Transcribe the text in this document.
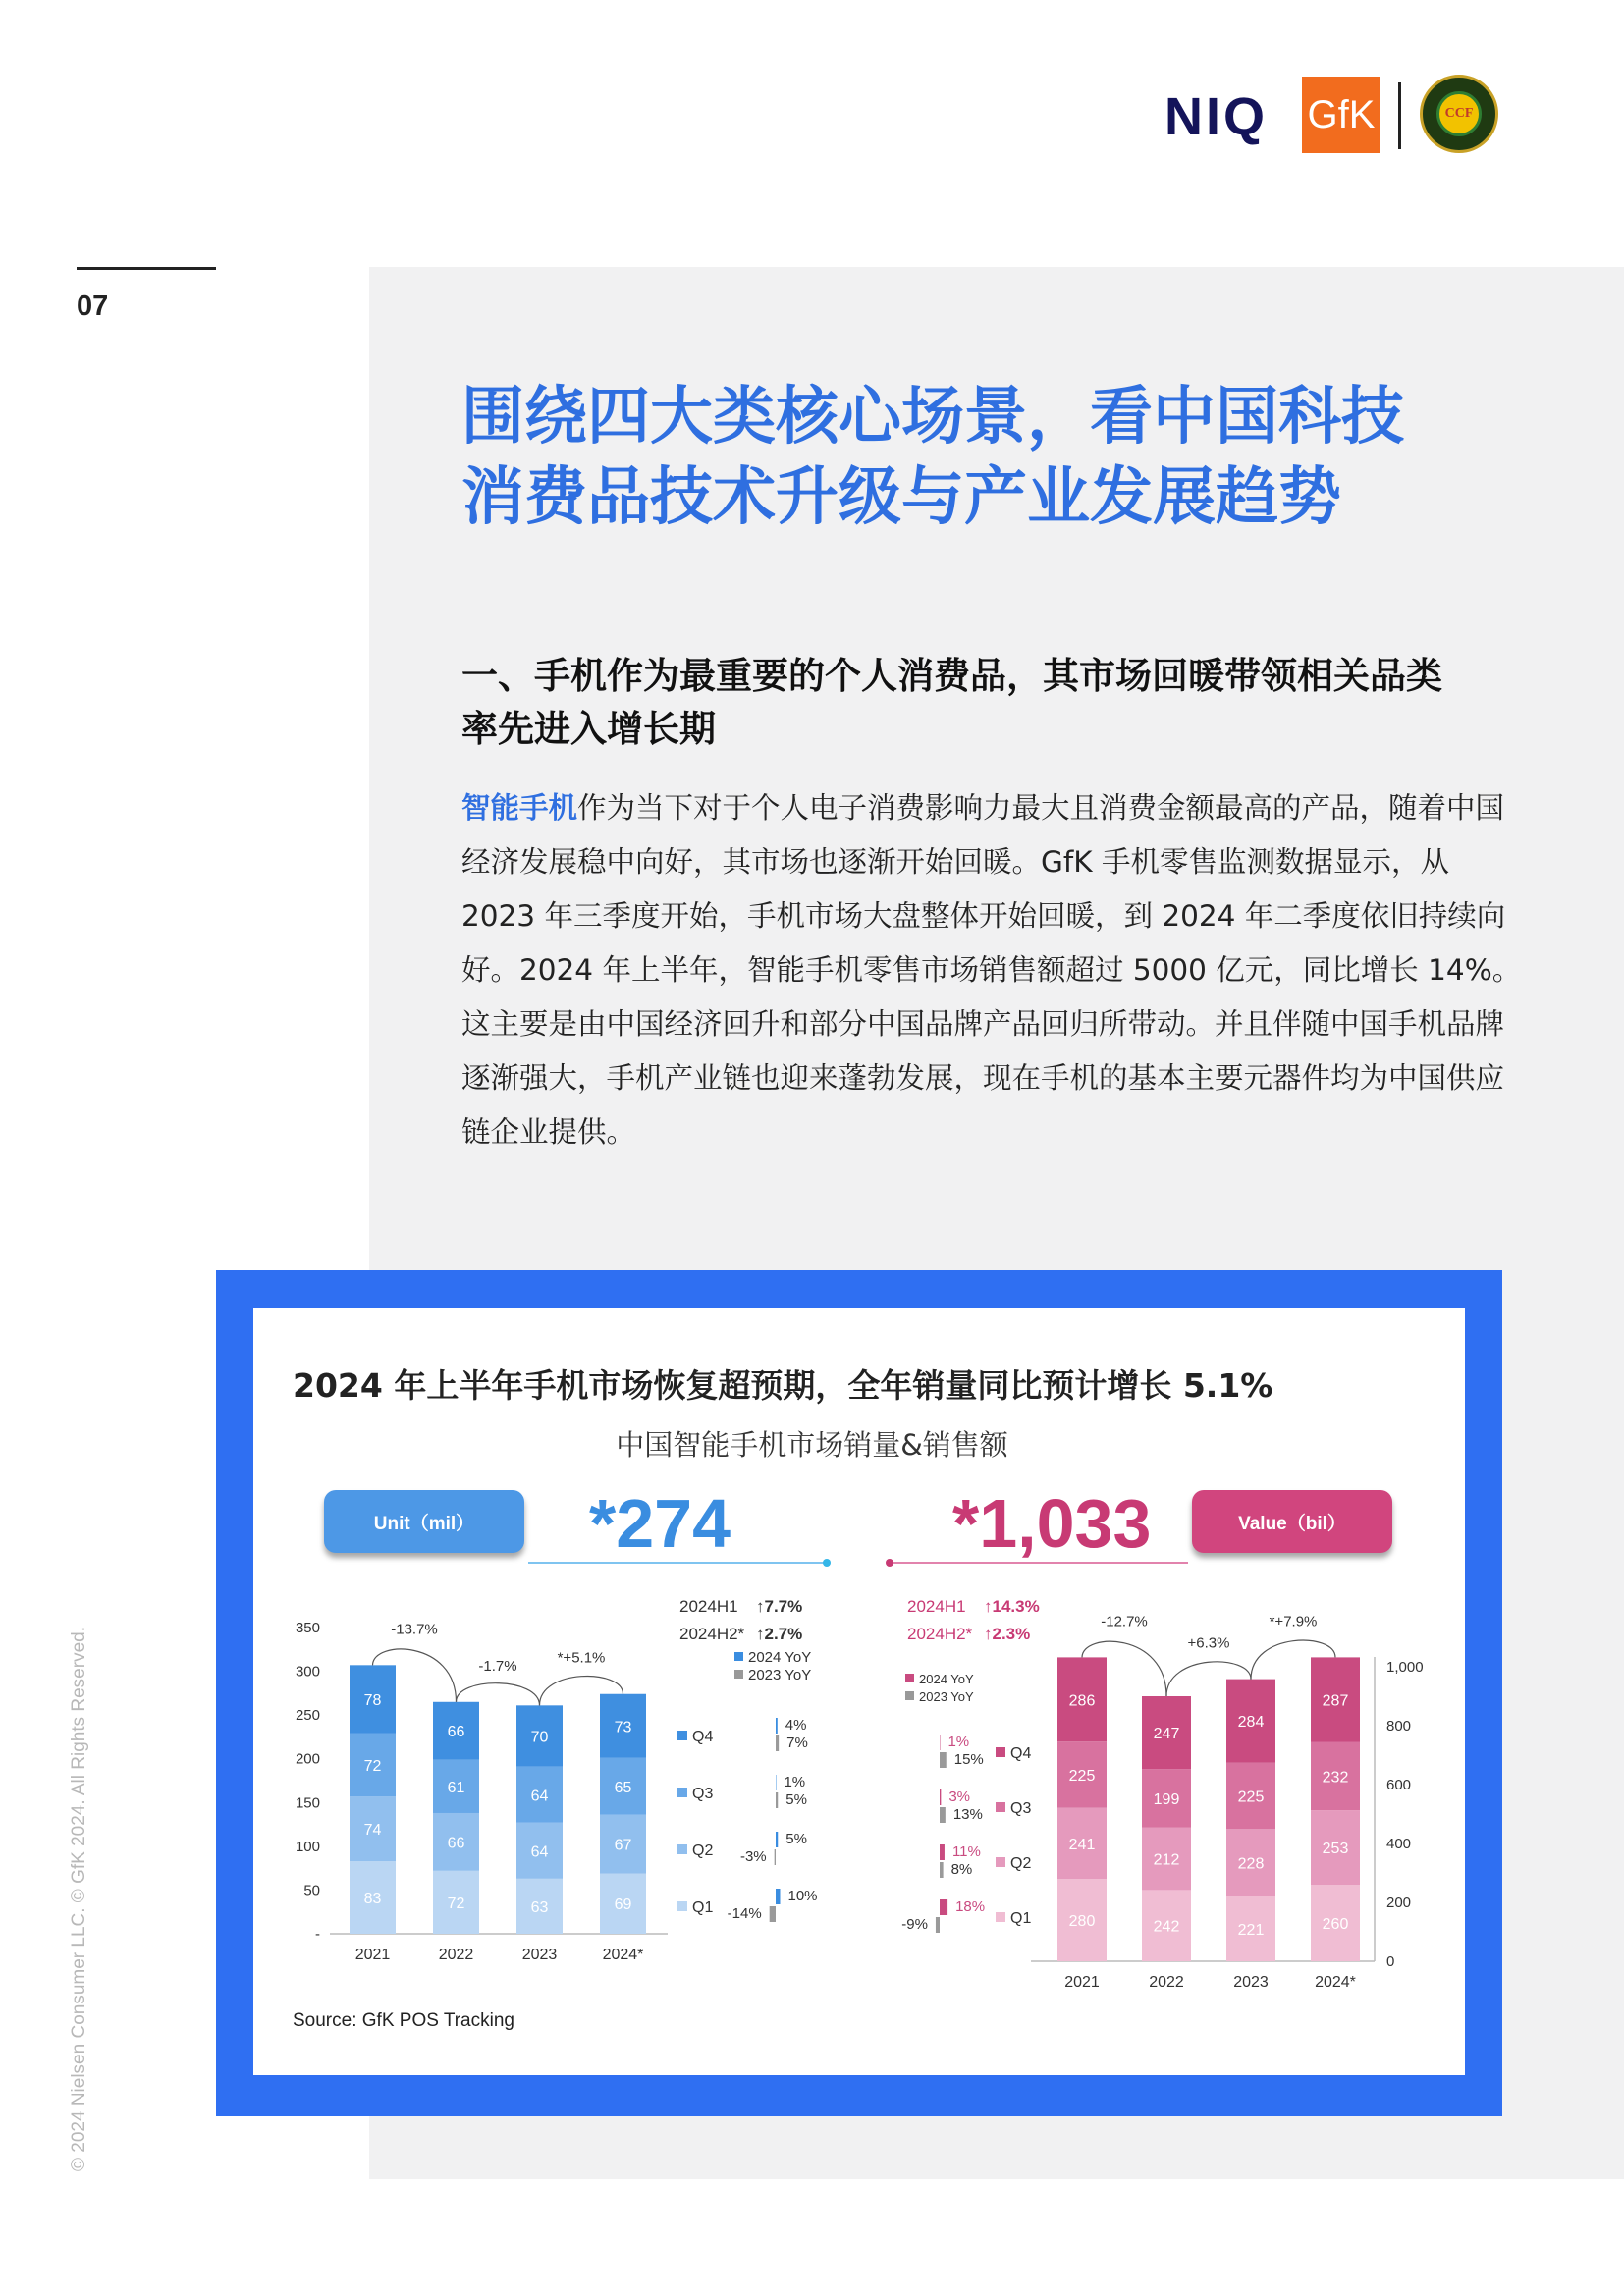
NIQ GfK	CCF
07
围绕四大类核心场景，看中国科技
消费品技术升级与产业发展趋势
一、手机作为最重要的个人消费品，其市场回暖带领相关品类
率先进入增长期
智能手机作为当下对于个人电子消费影响力最大且消费金额最高的产品，随着中国经济发展稳中向好，其市场也逐渐开始回暖。GfK 手机零售监测数据显示，从 2023 年三季度开始，手机市场大盘整体开始回暖，到 2024 年二季度依旧持续向好。2024 年上半年，智能手机零售市场销售额超过 5000 亿元，同比增长 14%。这主要是由中国经济回升和部分中国品牌产品回归所带动。并且伴随中国手机品牌逐渐强大，手机产业链也迎来蓬勃发展，现在手机的基本主要元器件均为中国供应链企业提供。
© 2024 Nielsen Consumer LLC. © GfK 2024. All Rights Reserved.
2024 年上半年手机市场恢复超预期，全年销量同比预计增长 5.1%
中国智能手机市场销量&销售额
Unit（mil）	Value（bil）
*274	*1,033
2024H1 ↑7.7%
2024H2* ↑2.7%
2024H1 ↑14.3%
2024H2* ↑2.3%
350
300
250
200
150
100
50
-
83
74
72
78
2021
72
66
61
66
2022
63
64
64
70
2023
69
67
65
73
2024*
-13.7%
-1.7%	*+5.1%
1,000
800
600
400
200
0
280
241
225
286
2021
242
212
199
247
2022
221
228
225
284
2023
260
253
232
287
2024*
-12.7%
+6.3%
*+7.9%
2024 YoY
2023 YoY
Q4
4%
7%
Q3
1%
5%
Q2
5%
-3%
Q1
10%
-14%
2024 YoY
2023 YoY
Q4
1%
15%
Q3
3%
13%
Q2
11%
8%
Q1
18%
-9%
Source: GfK POS Tracking
